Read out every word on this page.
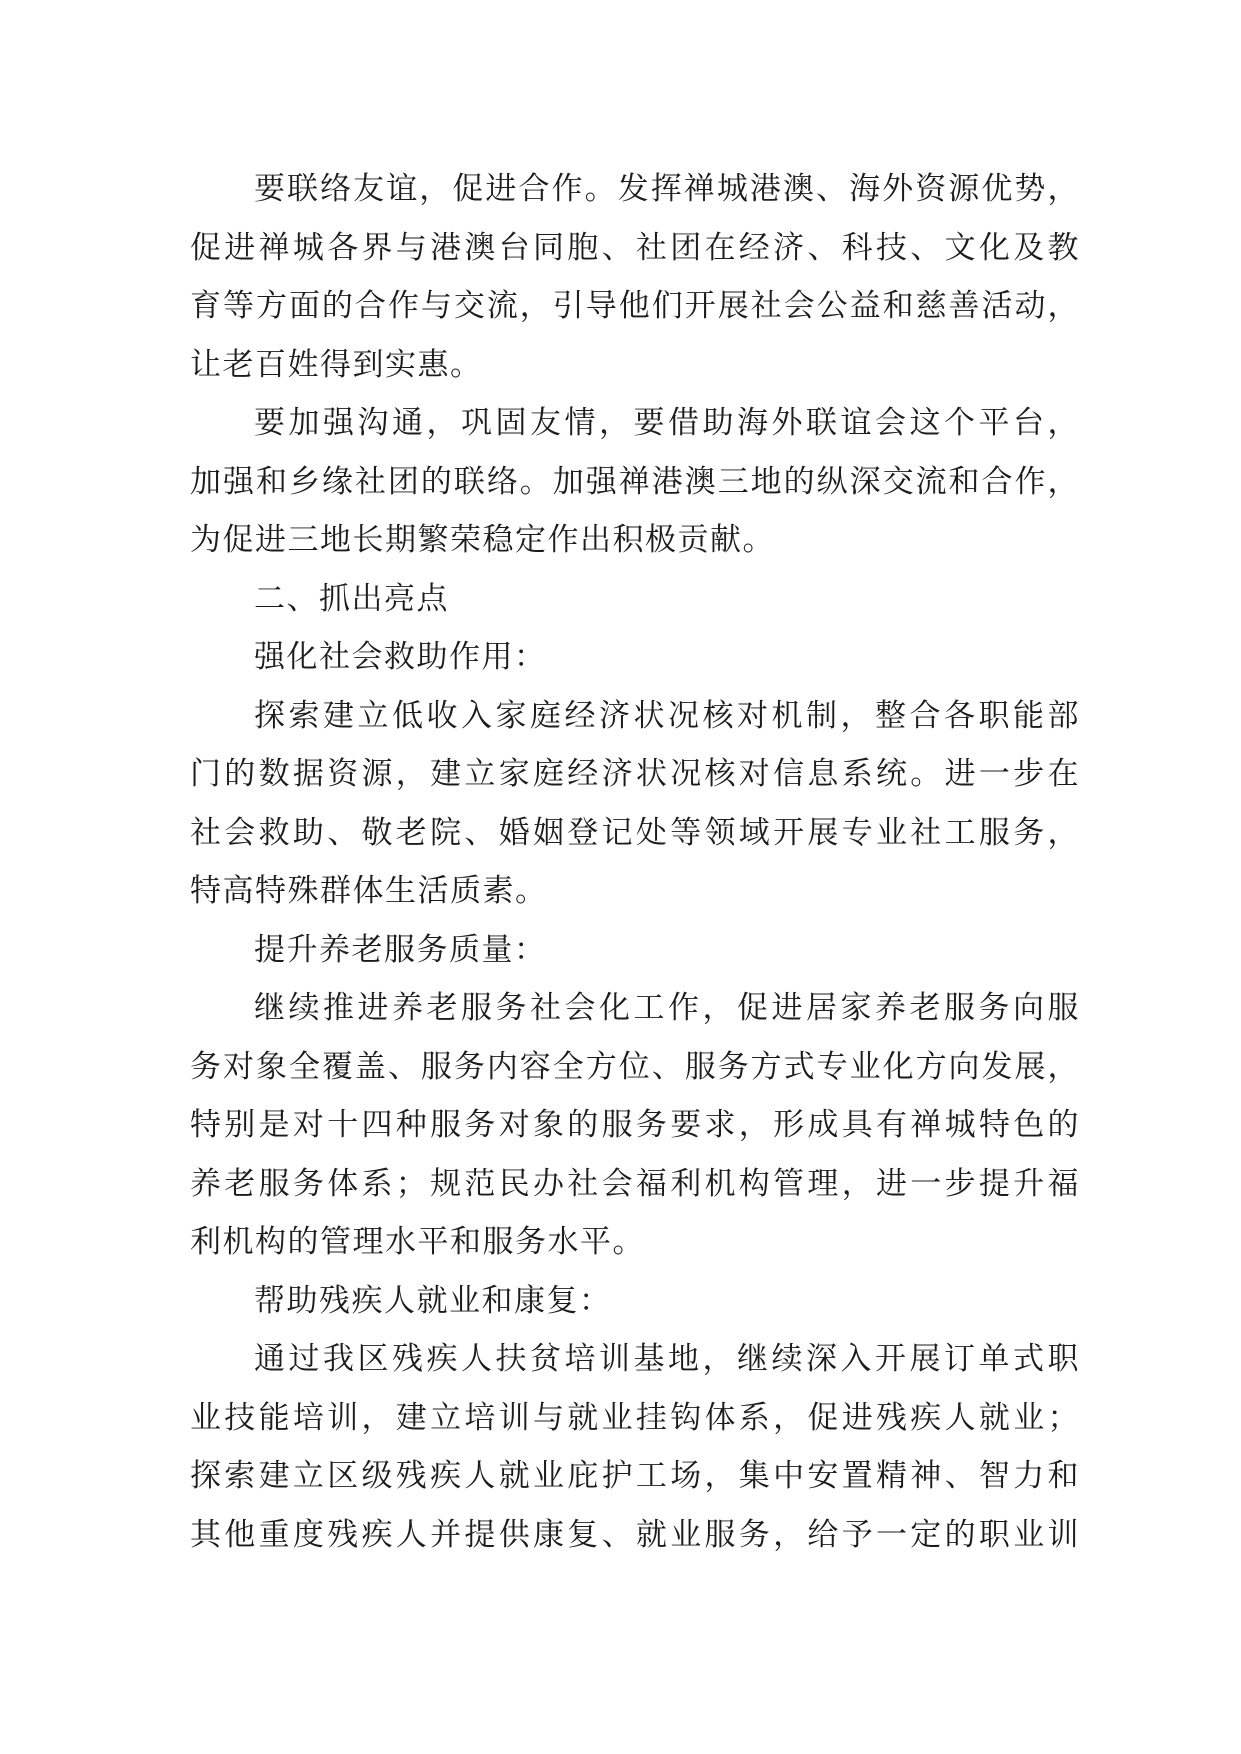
要联络友谊，促进合作。发挥禅城港澳、海外资源优势，
促进禅城各界与港澳台同胞、社团在经济、科技、文化及教
育等方面的合作与交流，引导他们开展社会公益和慈善活动，
让老百姓得到实惠。
要加强沟通，巩固友情，要借助海外联谊会这个平台，
加强和乡缘社团的联络。加强禅港澳三地的纵深交流和合作，
为促进三地长期繁荣稳定作出积极贡献。
二、抓出亮点
强化社会救助作用：
探索建立低收入家庭经济状况核对机制，整合各职能部
门的数据资源，建立家庭经济状况核对信息系统。进一步在
社会救助、敬老院、婚姻登记处等领域开展专业社工服务，
特高特殊群体生活质素。
提升养老服务质量：
继续推进养老服务社会化工作，促进居家养老服务向服
务对象全覆盖、服务内容全方位、服务方式专业化方向发展，
特别是对十四种服务对象的服务要求，形成具有禅城特色的
养老服务体系；规范民办社会福利机构管理，进一步提升福
利机构的管理水平和服务水平。
帮助残疾人就业和康复：
通过我区残疾人扶贫培训基地，继续深入开展订单式职
业技能培训，建立培训与就业挂钩体系，促进残疾人就业；
探索建立区级残疾人就业庇护工场，集中安置精神、智力和
其他重度残疾人并提供康复、就业服务，给予一定的职业训
